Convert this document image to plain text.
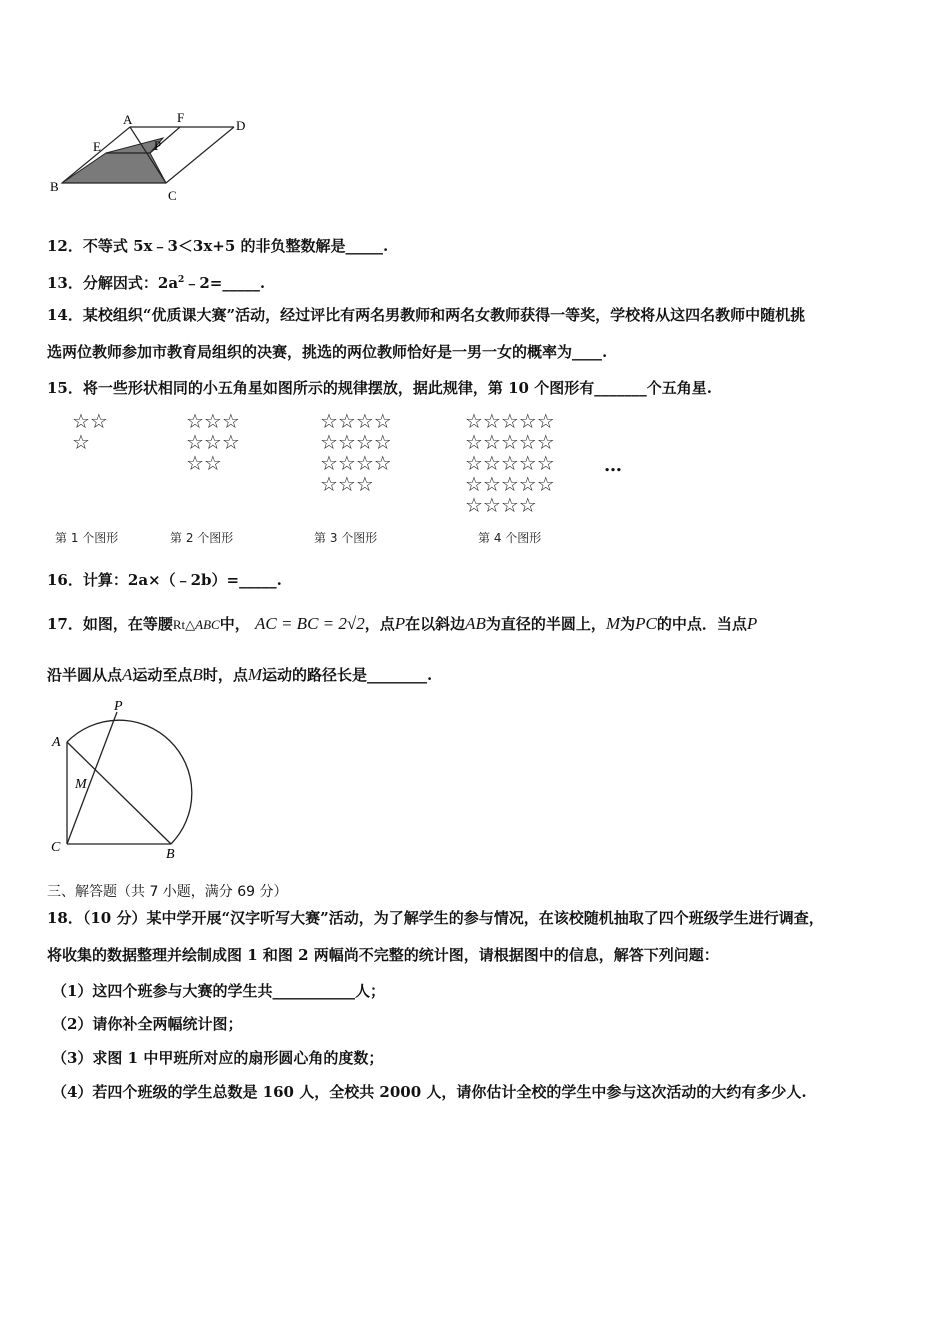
A	F
D
E	P
B
C
12．不等式 5x﹣3＜3x+5 的非负整数解是_____.
13．分解因式：$2a^2﹣2=\_\_\_\_\_$.
14．某校组织“优质课大赛”活动，经过评比有两名男教师和两名女教师获得一等奖，学校将从这四名教师中随机挑
选两位教师参加市教育局组织的决赛，挑选的两位教师恰好是一男一女的概率为____.
15．将一些形状相同的小五角星如图所示的规律摆放，据此规律，第 10 个图形有_______个五角星.
☆☆
☆
☆☆☆
☆☆☆
☆☆
☆☆☆☆
☆☆☆☆
☆☆☆☆
☆☆☆
☆☆☆☆☆
☆☆☆☆☆
☆☆☆☆☆
☆☆☆☆☆
☆☆☆☆
…
第 1 个图形	第 2 个图形	第 3 个图形	第 4 个图形
16．计算：2a×（﹣2b）=_____.
17．如图，在等腰Rt△ABC中， AC = BC = 2√2，点P在以斜边AB为直径的半圆上，M为PC的中点．当点P
沿半圆从点A运动至点B时，点M运动的路径长是________.
P
A
M
C	B
三、解答题（共 7 小题，满分 69 分）
18．（10 分）某中学开展“汉字听写大赛”活动，为了解学生的参与情况，在该校随机抽取了四个班级学生进行调查，
将收集的数据整理并绘制成图 1 和图 2 两幅尚不完整的统计图，请根据图中的信息，解答下列问题：
（1）这四个班参与大赛的学生共___________人；
（2）请你补全两幅统计图；
（3）求图 1 中甲班所对应的扇形圆心角的度数；
（4）若四个班级的学生总数是 160 人，全校共 2000 人，请你估计全校的学生中参与这次活动的大约有多少人.
